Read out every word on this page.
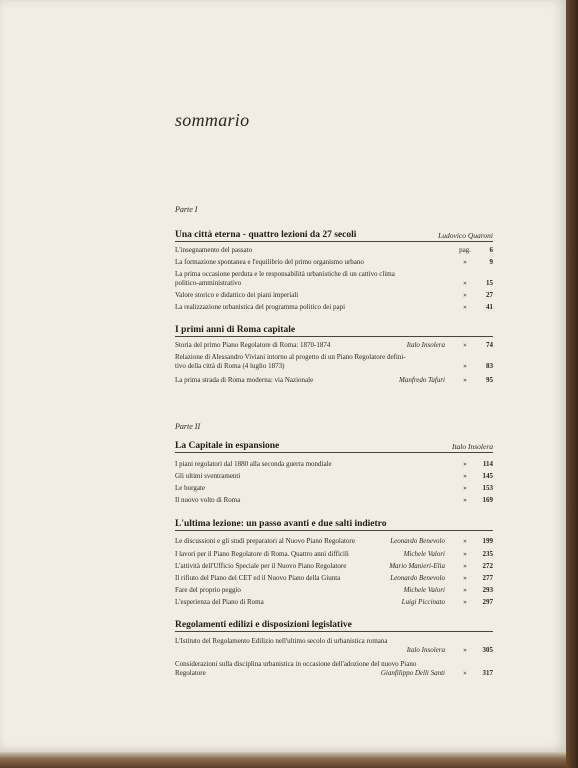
sommario
Parte I
Una città eterna - quattro lezioni da 27 secoli	Ludovico Quaroni
L'insegnamento del passato	pag.	6
La formazione spontanea e l'equilibrio del primo organismo urbano	»	9
La prima occasione perduta e le responsabilità urbanistiche di un cattivo clima
politico-amministrativo	»	15
Valore storico e didattico dei piani imperiali	»	27
La realizzazione urbanistica del programma politico dei papi	»	41
I primi anni di Roma capitale
Storia del primo Piano Regolatore di Roma: 1870-1874	Italo Insolera	»	74
Relazione di Alessandro Viviani intorno al progetto di un Piano Regolatore defini-
tivo della città di Roma (4 luglio 1873)	»	83
La prima strada di Roma moderna: via Nazionale	Manfredo Tafuri	»	95
Parte II
La Capitale in espansione	Italo Insolera
I piani regolatori dal 1880 alla seconda guerra mondiale	»	114
Gli ultimi sventramenti	»	145
Le borgate	»	153
Il nuovo volto di Roma	»	169
L'ultima lezione: un passo avanti e due salti indietro
Le discussioni e gli studi preparatori al Nuovo Piano Regolatore	Leonardo Benevolo	»	199
I lavori per il Piano Regolatore di Roma. Quattro anni difficili	Michele Valori	»	235
L'attività dell'Ufficio Speciale per il Nuovo Piano Regolatore	Mario Manieri-Elia	»	272
Il rifiuto del Piano del CET ed il Nuovo Piano della Giunta	Leonardo Benevolo	»	277
Fare del proprio peggio	Michele Valori	»	293
L'esperienza del Piano di Roma	Luigi Piccinato	»	297
Regolamenti edilizi e disposizioni legislative
L'Istituto del Regolamento Edilizio nell'ultimo secolo di urbanistica romana
Italo Insolera	»	305
Considerazioni sulla disciplina urbanistica in occasione dell'adozione del nuovo Piano
Regolatore	Gianfilippo Delli Santi	»	317
